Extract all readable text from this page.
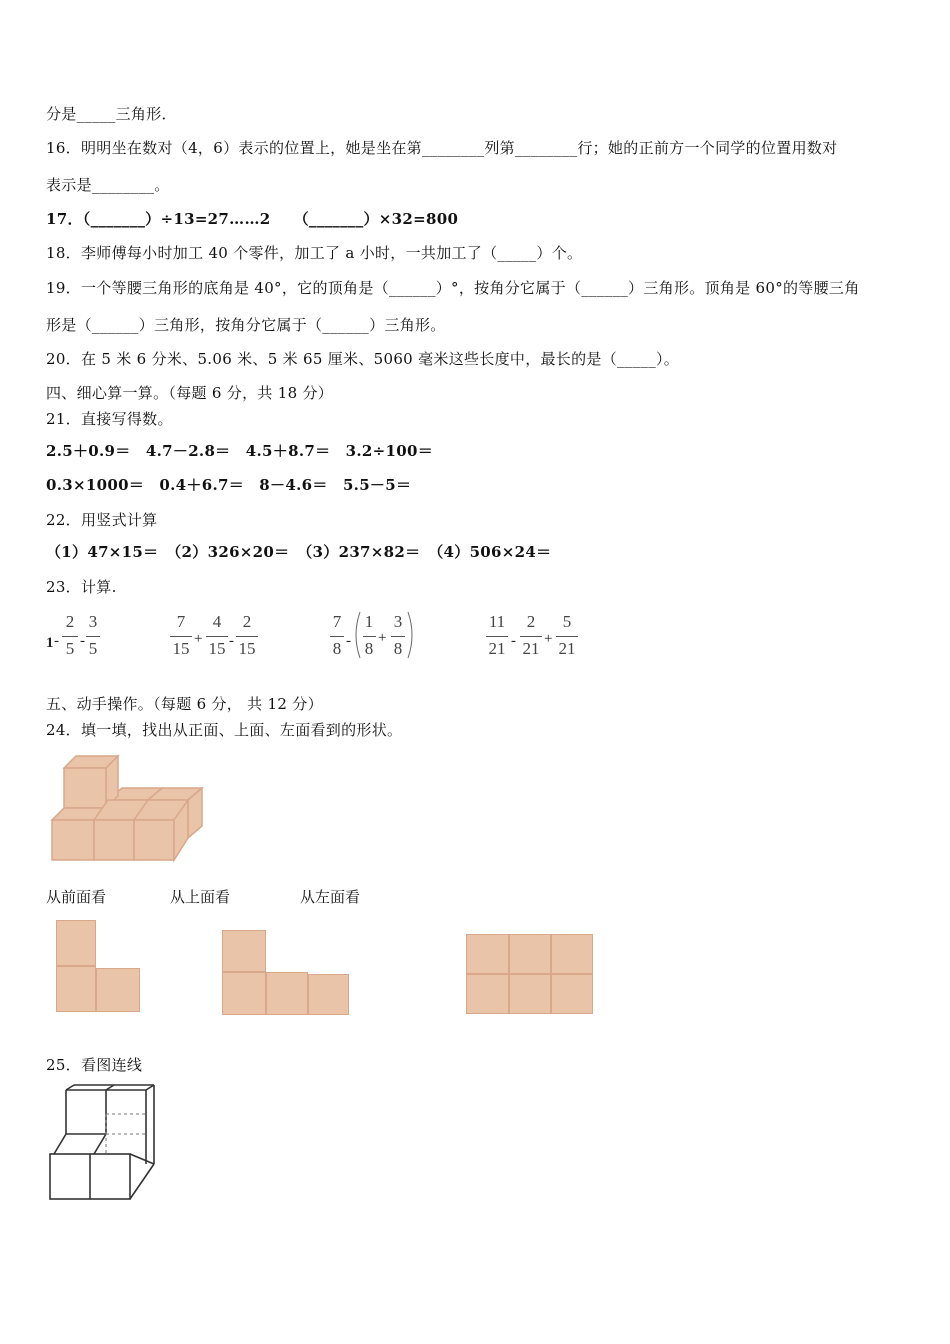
分是_____三角形．
16．明明坐在数对（4，6）表示的位置上，她是坐在第________列第________行；她的正前方一个同学的位置用数对
表示是________。
17．（_______）÷13=27……2　　（_______）×32=800
18．李师傅每小时加工 40 个零件，加工了 a 小时，一共加工了（_____）个。
19．一个等腰三角形的底角是 40°，它的顶角是（______）°，按角分它属于（______）三角形。顶角是 60°的等腰三角
形是（______）三角形，按角分它属于（______）三角形。
20．在 5 米 6 分米、5.06 米、5 米 65 厘米、5060 毫米这些长度中，最长的是（_____）。
四、细心算一算。（每题 6 分，共 18 分）
21．直接写得数。
2.5＋0.9＝　4.7－2.8＝　4.5＋8.7＝　3.2÷100＝
0.3×1000＝　0.4＋6.7＝　8－4.6＝　5.5－5＝
22．用竖式计算
（1）47×15＝　（2）326×20＝　（3）237×82＝　（4）506×24＝
23．计算.
1 -
2
5 -
3
5
7
15 +
4
15 -
2
15
7
8 -
1
8
+
3
8
11
21 -
2
21 +
5
21
五、动手操作。（每题 6 分， 共 12 分）
24．填一填，找出从正面、上面、左面看到的形状。
从前面看	从上面看	从左面看
25．看图连线
